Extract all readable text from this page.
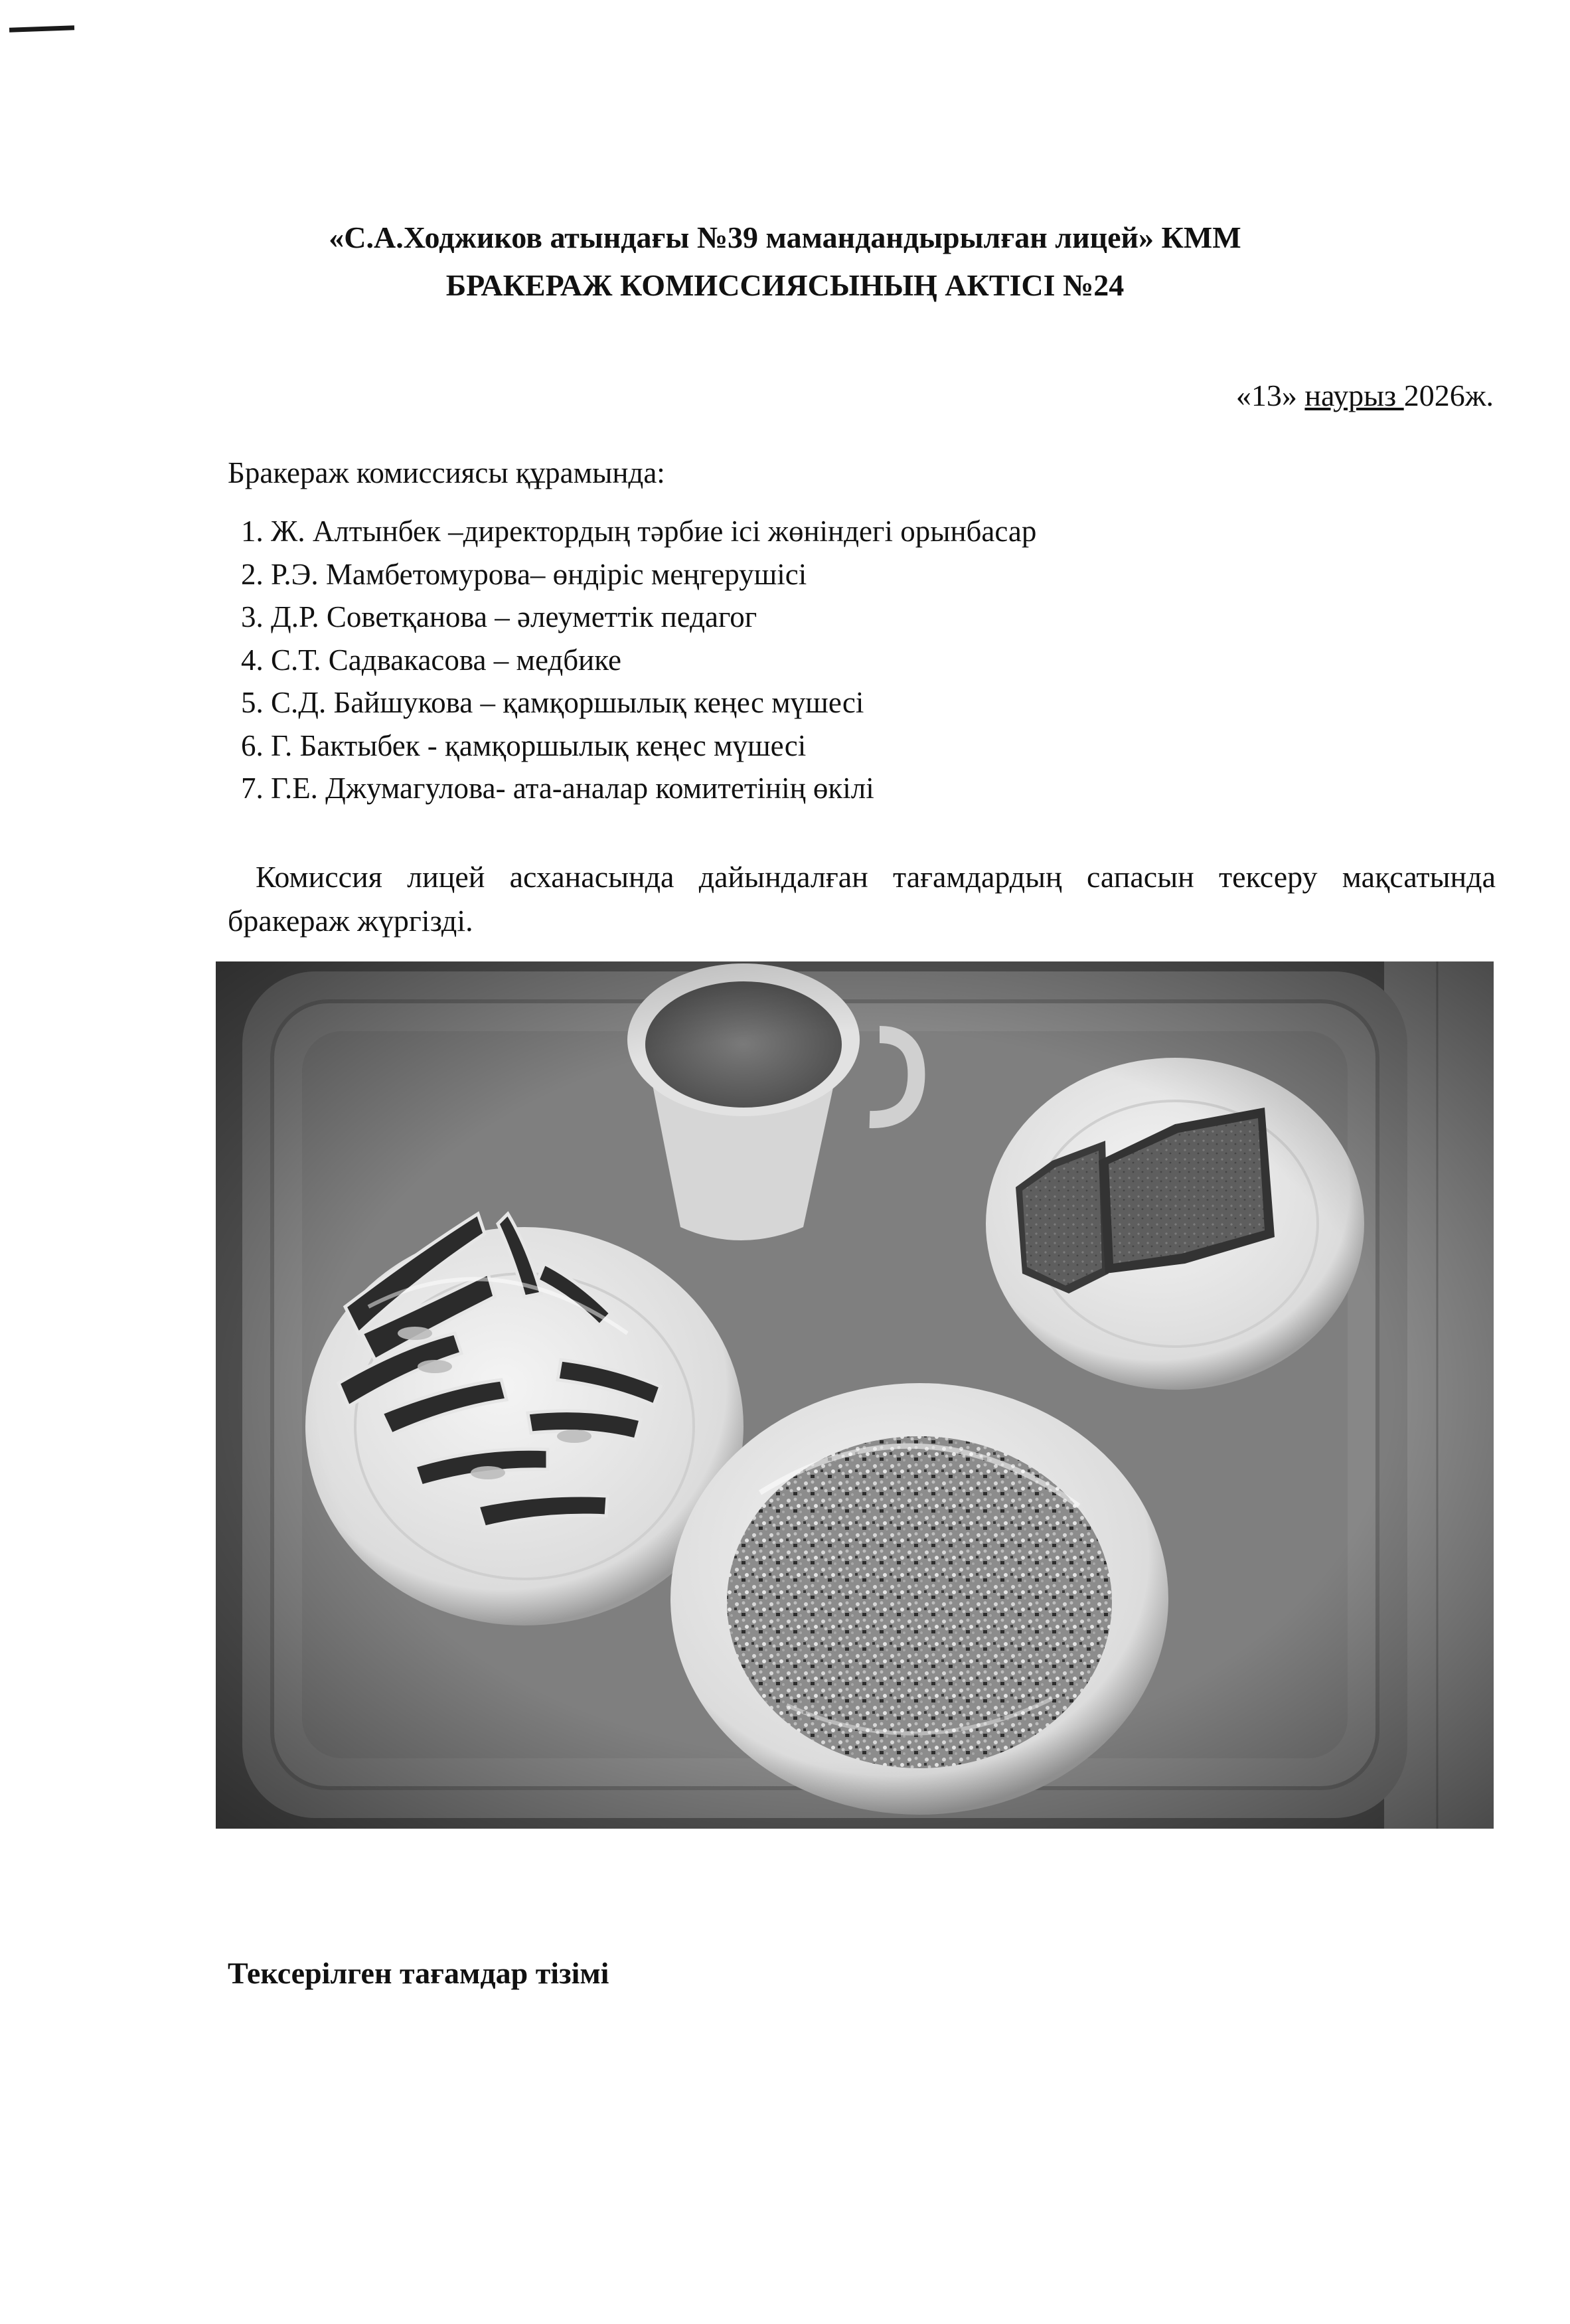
«С.А.Ходжиков атындағы №39 мамандандырылған лицей» КММ
БРАКЕРАЖ КОМИССИЯСЫНЫҢ АКТІСІ №24
«13» наурыз 2026ж.
Бракераж комиссиясы құрамында:
1. Ж. Алтынбек –директордың тәрбие ісі жөніндегі орынбасар
2. Р.Э. Мамбетомурова– өндіріс меңгерушісі
3. Д.Р. Советқанова – әлеуметтік педагог
4. С.Т. Садвакасова – медбике
5. С.Д. Байшукова – қамқоршылық кеңес мүшесі
6. Г. Бактыбек - қамқоршылық кеңес мүшесі
7. Г.Е. Джумагулова- ата-аналар комитетінің өкілі
Комиссия лицей асханасында дайындалған тағамдардың сапасын тексеру мақсатында бракераж жүргізді.
Тексерілген тағамдар тізімі
